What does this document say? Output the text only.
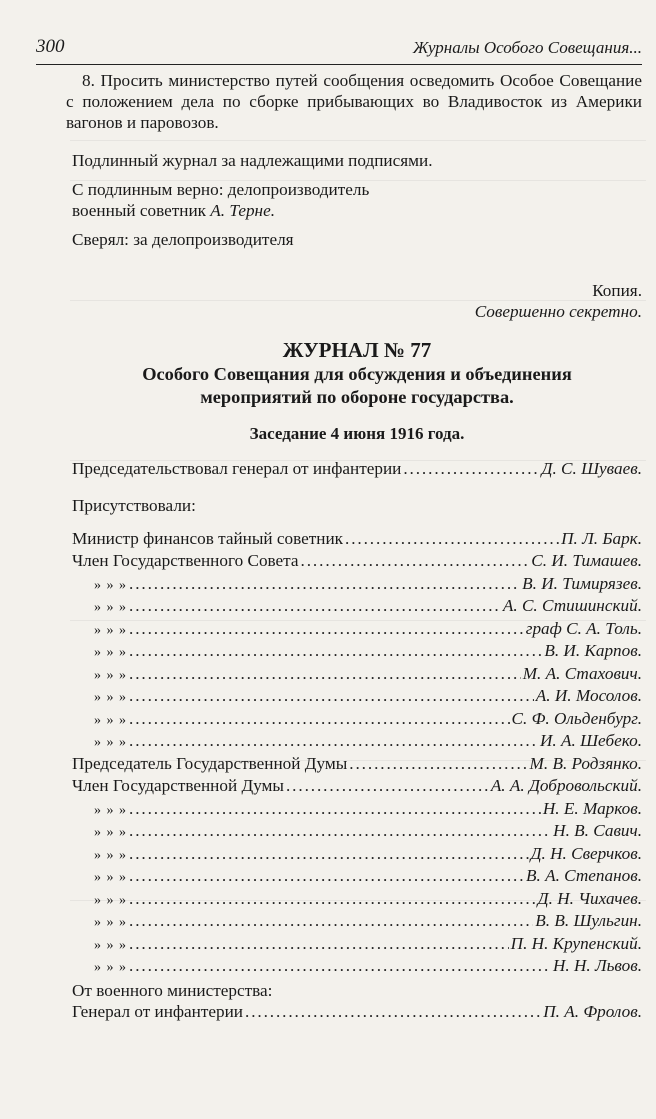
300	Журналы Особого Совещания...

8. Просить министерство путей сообщения осведомить Особое Совещание с положением дела по сборке прибывающих во Владивосток из Америки вагонов и паровозов.

Подлинный журнал за надлежащими подписями.

С подлинным верно: делопроизводитель

военный советник А. Терне.

Сверял: за делопроизводителя

Копия.

Совершенно секретно.

ЖУРНАЛ № 77
Особого Совещания для обсуждения и объединения
мероприятий по обороне государства.
Заседание 4 июня 1916 года.
Председательствовал генерал от инфантерии . . .	Д. С. Шуваев.

Присутствовали:

Министр финансов тайный советник . . .	П. Л. Барк.
Член Государственного Совета . . .	С. И. Тимашев.
» » » . . .	В. И. Тимирязев.
» » » . . .	А. С. Стишинский.
» » » . . .	граф С. А. Толь.
» » » . . .	В. И. Карпов.
» » » . . .	М. А. Стахович.
» » » . . .	А. И. Мосолов.
» » » . . .	С. Ф. Ольденбург.
» » » . . .	И. А. Шебеко.
Председатель Государственной Думы . . .	М. В. Родзянко.
Член Государственной Думы . . .	А. А. Добровольский.
» » » . . .	Н. Е. Марков.
» » » . . .	Н. В. Савич.
» » » . . .	Д. Н. Сверчков.
» » » . . .	В. А. Степанов.
» » » . . .	Д. Н. Чихачев.
» » » . . .	В. В. Шульгин.
» » » . . .	П. Н. Крупенский.
» » » . . .	Н. Н. Львов.

От военного министерства:

Генерал от инфантерии . . .	П. А. Фролов.
